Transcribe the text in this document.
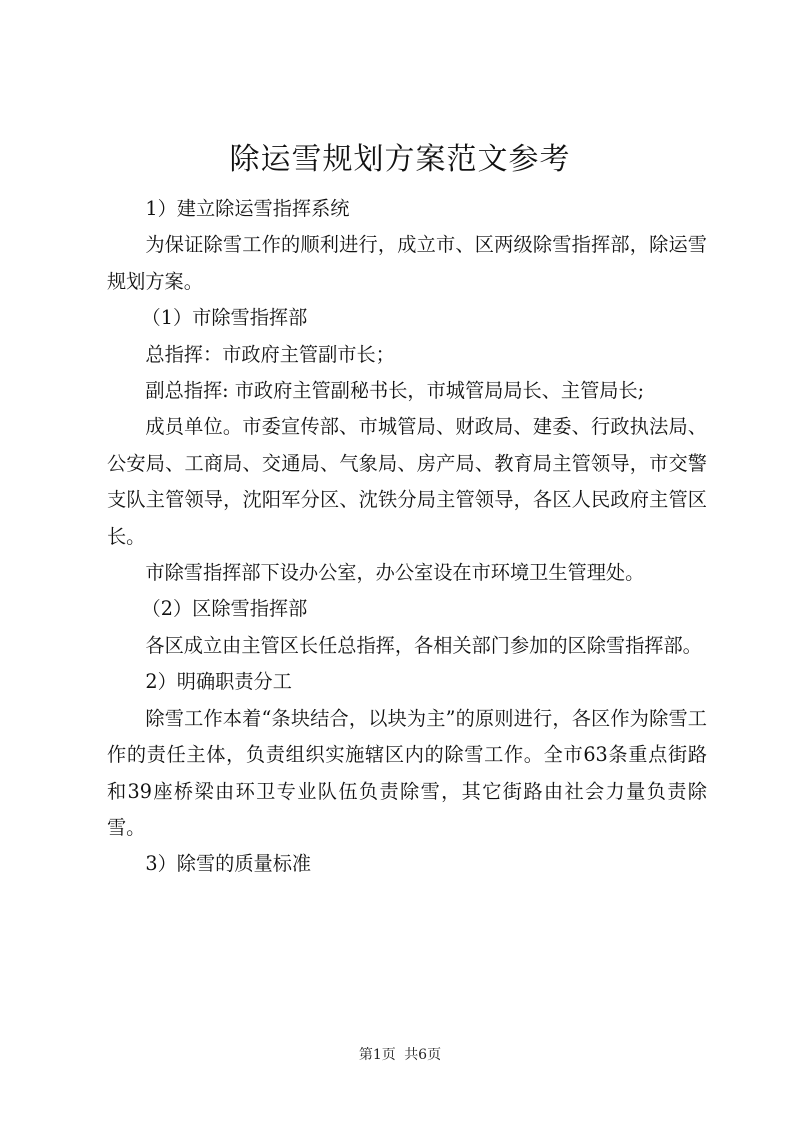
除运雪规划方案范文参考

1）建立除运雪指挥系统

为保证除雪工作的顺利进行，成立市、区两级除雪指挥部，除运雪规划方案。

（1）市除雪指挥部

总指挥：市政府主管副市长；

副总指挥: 市政府主管副秘书长，市城管局局长、主管局长;

成员单位。市委宣传部、市城管局、财政局、建委、行政执法局、公安局、工商局、交通局、气象局、房产局、教育局主管领导，市交警支队主管领导，沈阳军分区、沈铁分局主管领导，各区人民政府主管区长。

市除雪指挥部下设办公室，办公室设在市环境卫生管理处。

（2）区除雪指挥部

各区成立由主管区长任总指挥，各相关部门参加的区除雪指挥部。

2）明确职责分工

除雪工作本着“条块结合，以块为主”的原则进行，各区作为除雪工作的责任主体，负责组织实施辖区内的除雪工作。全市63条重点街路和39座桥梁由环卫专业队伍负责除雪，其它街路由社会力量负责除雪。

3）除雪的质量标准

第1页 共6页
